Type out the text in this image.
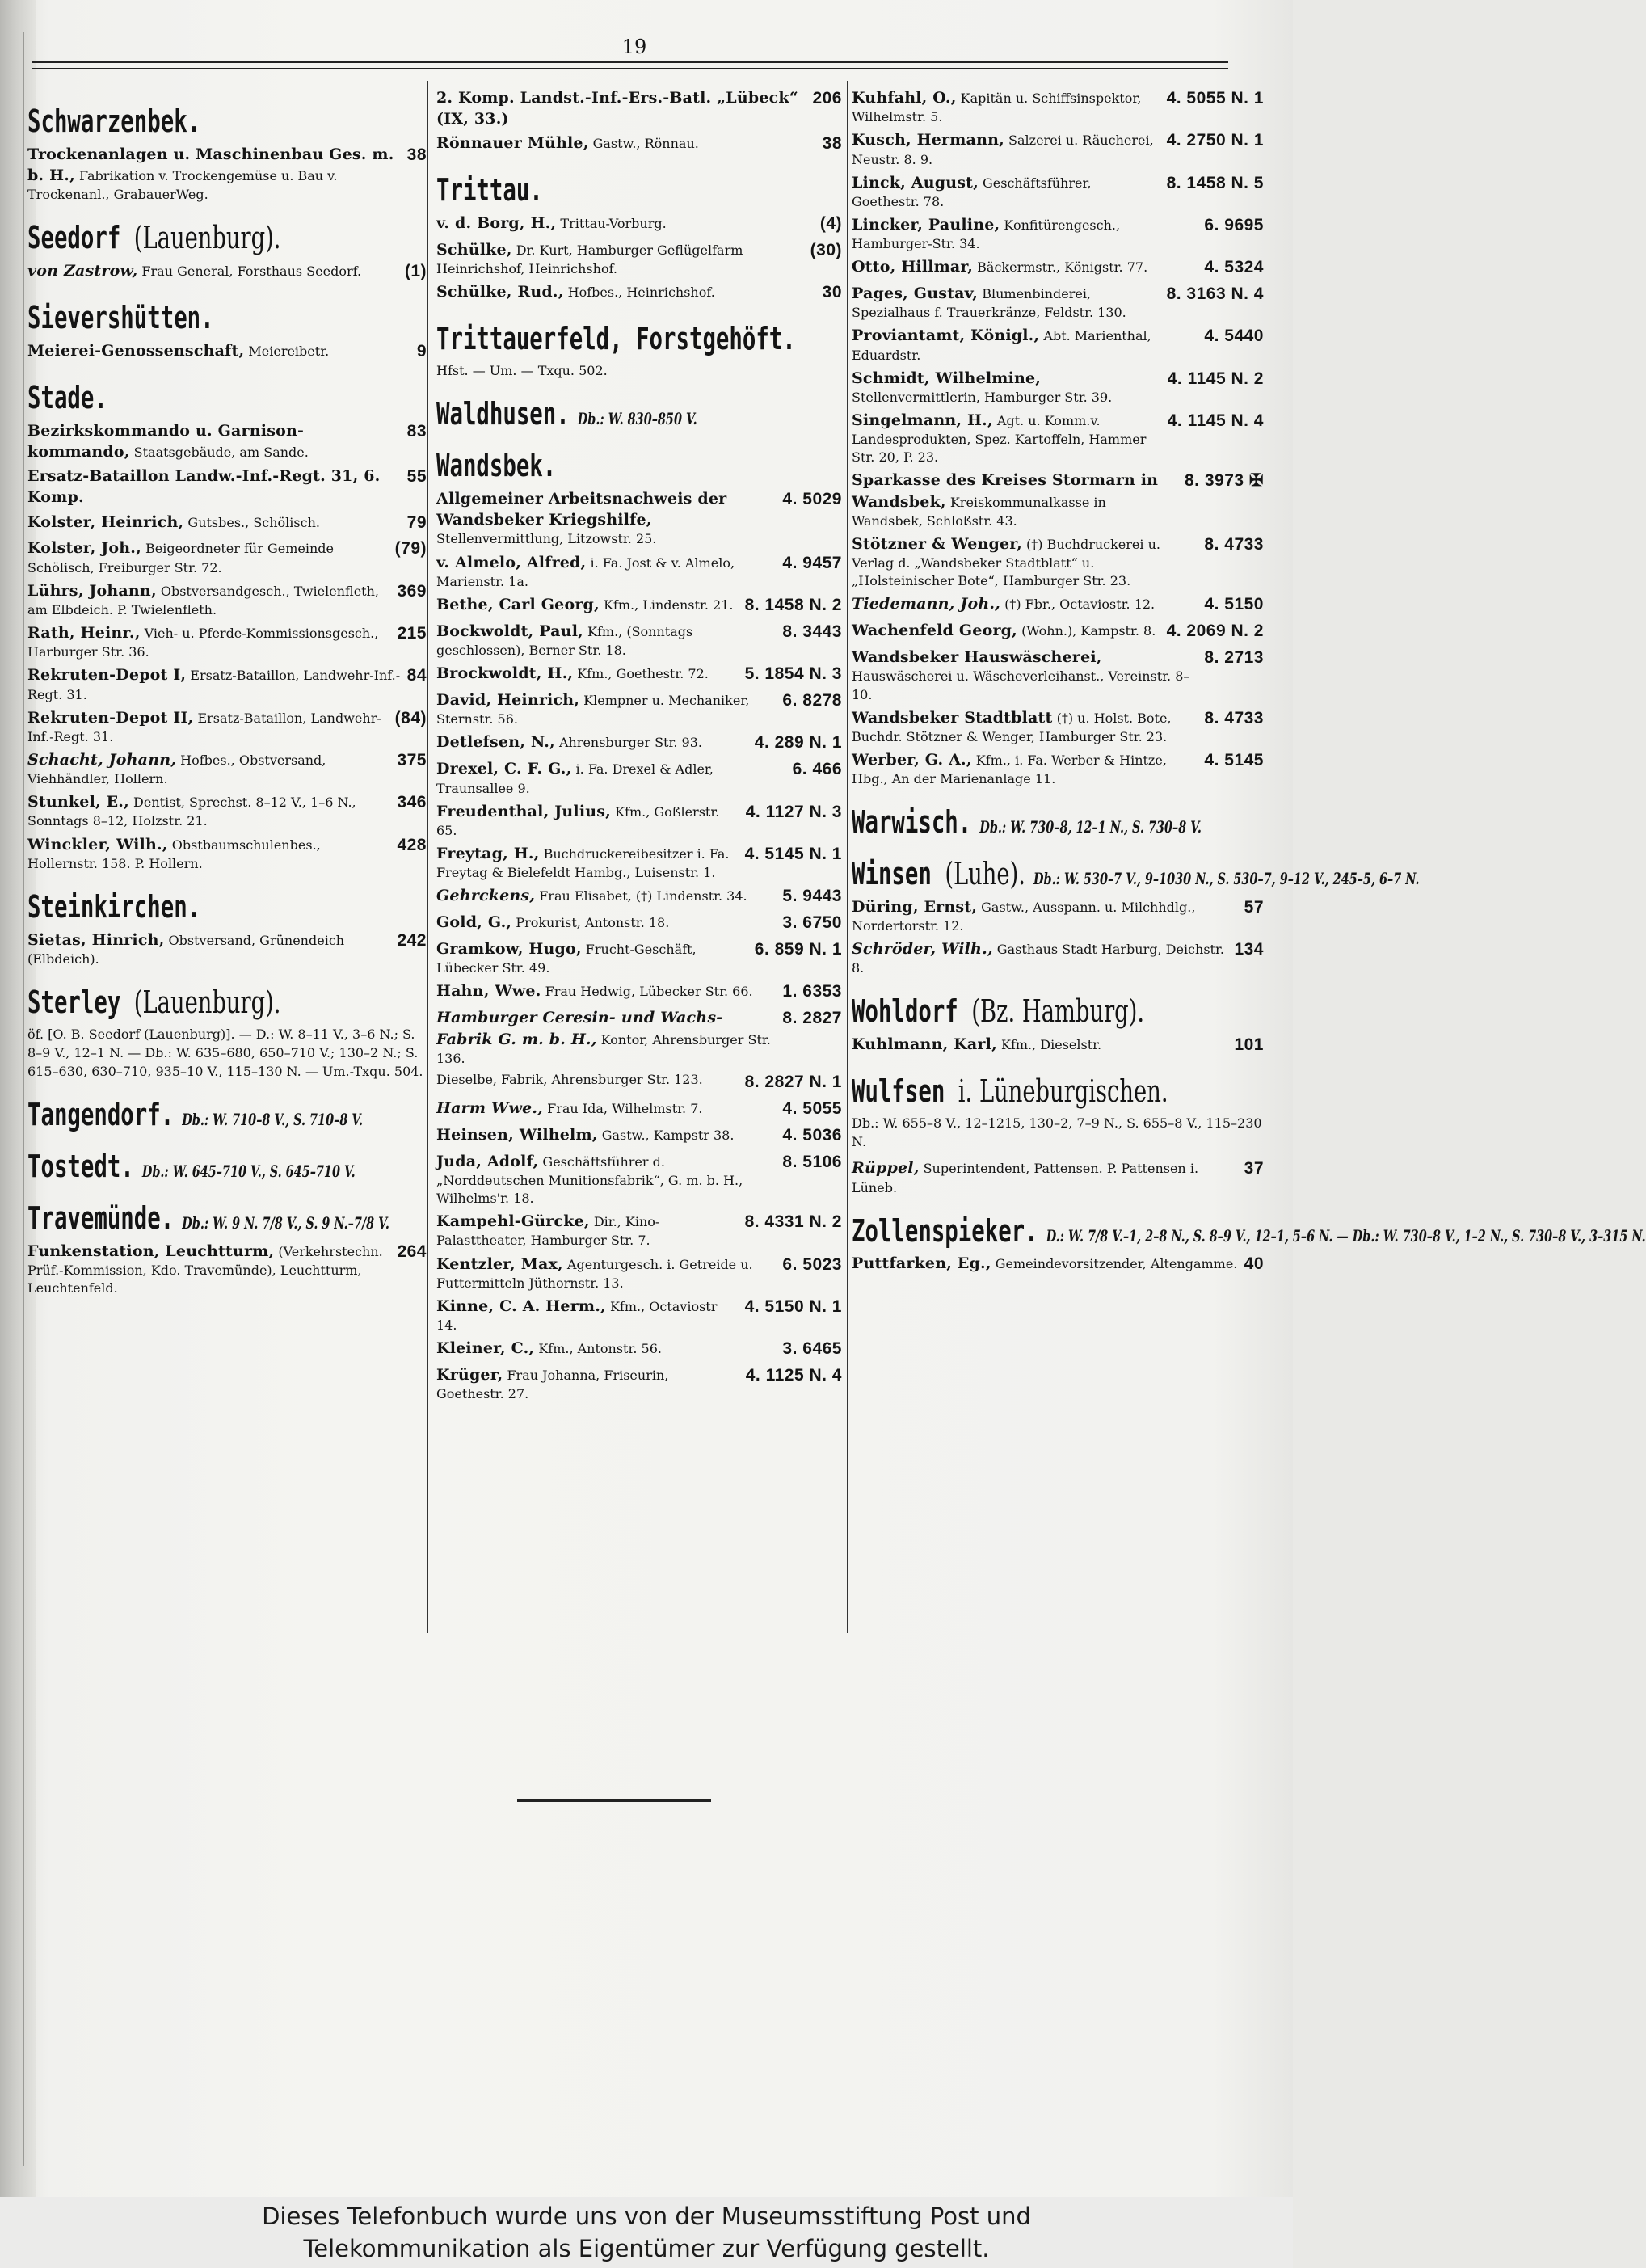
19
Schwarzenbek.
38
Trockenanlagen u. Maschinenbau Ges. m. b. H., Fabrikation v. Trockengemüse u. Bau v. Trockenanl., GrabauerWeg.
Seedorf (Lauenburg).
(1)
von Zastrow, Frau General, Forsthaus Seedorf.
Sievershütten.
9
Meierei-Genossenschaft, Meiereibetr.
Stade.
83
Bezirkskommando u. Garnison-kommando, Staatsgebäude, am Sande.
55
Ersatz-Bataillon Landw.-Inf.-Regt. 31, 6. Komp.
79
Kolster, Heinrich, Gutsbes., Schölisch.
(79)
Kolster, Joh., Beigeordneter für Gemeinde Schölisch, Freiburger Str. 72.
369
Lührs, Johann, Obstversandgesch., Twielenfleth, am Elbdeich. P. Twielenfleth.
215
Rath, Heinr., Vieh- u. Pferde-Kommissionsgesch., Harburger Str. 36.
84
Rekruten-Depot I, Ersatz-Bataillon, Landwehr-Inf.-Regt. 31.
(84)
Rekruten-Depot II, Ersatz-Bataillon, Landwehr-Inf.-Regt. 31.
375
Schacht, Johann, Hofbes., Obstversand, Viehhändler, Hollern.
346
Stunkel, E., Dentist, Sprechst. 8–12 V., 1–6 N., Sonntags 8–12, Holzstr. 21.
428
Winckler, Wilh., Obstbaumschulenbes., Hollernstr. 158. P. Hollern.
Steinkirchen.
242
Sietas, Hinrich, Obstversand, Grünendeich (Elbdeich).
Sterley (Lauenburg).
öf. [O. B. Seedorf (Lauenburg)]. — D.: W. 8–11 V., 3–6 N.; S. 8–9 V., 12–1 N. — Db.: W. 635–680, 650–710 V.; 130–2 N.; S. 615–630, 630–710, 935–10 V., 115–130 N. — Um.-Txqu. 504.
Tangendorf. Db.: W. 710–8 V., S. 710–8 V.
Tostedt. Db.: W. 645–710 V., S. 645–710 V.
Travemünde. Db.: W. 9 N. 7/8 V., S. 9 N.–7/8 V.
264
Funkenstation, Leuchtturm, (Verkehrstechn. Prüf.-Kommission, Kdo. Travemünde), Leuchtturm, Leuchtenfeld.
206
2. Komp. Landst.-Inf.-Ers.-Batl. „Lübeck“ (IX, 33.)
38
Rönnauer Mühle, Gastw., Rönnau.
Trittau.
(4)
v. d. Borg, H., Trittau-Vorburg.
(30)
Schülke, Dr. Kurt, Hamburger Geflügelfarm Heinrichshof, Heinrichshof.
30
Schülke, Rud., Hofbes., Heinrichshof.
Trittauerfeld, Forstgehöft.
Hfst. — Um. — Txqu. 502.
Waldhusen. Db.: W. 830–850 V.
Wandsbek.
4. 5029
Allgemeiner Arbeitsnachweis der Wandsbeker Kriegshilfe, Stellenvermittlung, Litzowstr. 25.
4. 9457
v. Almelo, Alfred, i. Fa. Jost & v. Almelo, Marienstr. 1a.
8. 1458 N. 2
Bethe, Carl Georg, Kfm., Lindenstr. 21.
8. 3443
Bockwoldt, Paul, Kfm., (Sonntags geschlossen), Berner Str. 18.
5. 1854 N. 3
Brockwoldt, H., Kfm., Goethestr. 72.
6. 8278
David, Heinrich, Klempner u. Mechaniker, Sternstr. 56.
4. 289 N. 1
Detlefsen, N., Ahrensburger Str. 93.
6. 466
Drexel, C. F. G., i. Fa. Drexel & Adler, Traunsallee 9.
4. 1127 N. 3
Freudenthal, Julius, Kfm., Goßlerstr. 65.
4. 5145 N. 1
Freytag, H., Buchdruckereibesitzer i. Fa. Freytag & Bielefeldt Hambg., Luisenstr. 1.
5. 9443
Gehrckens, Frau Elisabet, (†) Lindenstr. 34.
3. 6750
Gold, G., Prokurist, Antonstr. 18.
6. 859 N. 1
Gramkow, Hugo, Frucht-Geschäft, Lübecker Str. 49.
1. 6353
Hahn, Wwe. Frau Hedwig, Lübecker Str. 66.
8. 2827
Hamburger Ceresin- und Wachs-Fabrik G. m. b. H., Kontor, Ahrensburger Str. 136.
8. 2827 N. 1
Dieselbe, Fabrik, Ahrensburger Str. 123.
4. 5055
Harm Wwe., Frau Ida, Wilhelmstr. 7.
4. 5036
Heinsen, Wilhelm, Gastw., Kampstr 38.
8. 5106
Juda, Adolf, Geschäftsführer d. „Norddeutschen Munitionsfabrik“, G. m. b. H., Wilhelms'r. 18.
8. 4331 N. 2
Kampehl-Gürcke, Dir., Kino-Palasttheater, Hamburger Str. 7.
6. 5023
Kentzler, Max, Agenturgesch. i. Getreide u. Futtermitteln Jüthornstr. 13.
4. 5150 N. 1
Kinne, C. A. Herm., Kfm., Octaviostr 14.
3. 6465
Kleiner, C., Kfm., Antonstr. 56.
4. 1125 N. 4
Krüger, Frau Johanna, Friseurin, Goethestr. 27.
4. 5055 N. 1
Kuhfahl, O., Kapitän u. Schiffsinspektor, Wilhelmstr. 5.
4. 2750 N. 1
Kusch, Hermann, Salzerei u. Räucherei, Neustr. 8. 9.
8. 1458 N. 5
Linck, August, Geschäftsführer, Goethestr. 78.
6. 9695
Lincker, Pauline, Konfitürengesch., Hamburger-Str. 34.
4. 5324
Otto, Hillmar, Bäckermstr., Königstr. 77.
8. 3163 N. 4
Pages, Gustav, Blumenbinderei, Spezialhaus f. Trauerkränze, Feldstr. 130.
4. 5440
Proviantamt, Königl., Abt. Marienthal, Eduardstr.
4. 1145 N. 2
Schmidt, Wilhelmine, Stellenvermittlerin, Hamburger Str. 39.
4. 1145 N. 4
Singelmann, H., Agt. u. Komm.v. Landesprodukten, Spez. Kartoffeln, Hammer Str. 20, P. 23.
8. 3973 ✠
Sparkasse des Kreises Stormarn in Wandsbek, Kreiskommunalkasse in Wandsbek, Schloßstr. 43.
8. 4733
Stötzner & Wenger, (†) Buchdruckerei u. Verlag d. „Wandsbeker Stadtblatt“ u. „Holsteinischer Bote“, Hamburger Str. 23.
4. 5150
Tiedemann, Joh., (†) Fbr., Octaviostr. 12.
4. 2069 N. 2
Wachenfeld Georg, (Wohn.), Kampstr. 8.
8. 2713
Wandsbeker Hauswäscherei, Hauswäscherei u. Wäscheverleihanst., Vereinstr. 8–10.
8. 4733
Wandsbeker Stadtblatt (†) u. Holst. Bote, Buchdr. Stötzner & Wenger, Hamburger Str. 23.
4. 5145
Werber, G. A., Kfm., i. Fa. Werber & Hintze, Hbg., An der Marienanlage 11.
Warwisch. Db.: W. 730–8, 12–1 N., S. 730–8 V.
Winsen (Luhe). Db.: W. 530–7 V., 9–1030 N., S. 530–7, 9–12 V., 245–5, 6–7 N.
57
Düring, Ernst, Gastw., Ausspann. u. Milchhdlg., Nordertorstr. 12.
134
Schröder, Wilh., Gasthaus Stadt Harburg, Deichstr. 8.
Wohldorf (Bz. Hamburg).
101
Kuhlmann, Karl, Kfm., Dieselstr.
Wulfsen i. Lüneburgischen.
Db.: W. 655–8 V., 12–1215, 130–2, 7–9 N., S. 655–8 V., 115–230 N.
37
Rüppel, Superintendent, Pattensen. P. Pattensen i. Lüneb.
Zollenspieker. D.: W. 7/8 V.–1, 2–8 N., S. 8–9 V., 12–1, 5–6 N. — Db.: W. 730–8 V., 1–2 N., S. 730–8 V., 3–315 N.
40
Puttfarken, Eg., Gemeindevorsitzender, Altengamme.
Dieses Telefonbuch wurde uns von der Museumsstiftung Post und
Telekommunikation als Eigentümer zur Verfügung gestellt.
